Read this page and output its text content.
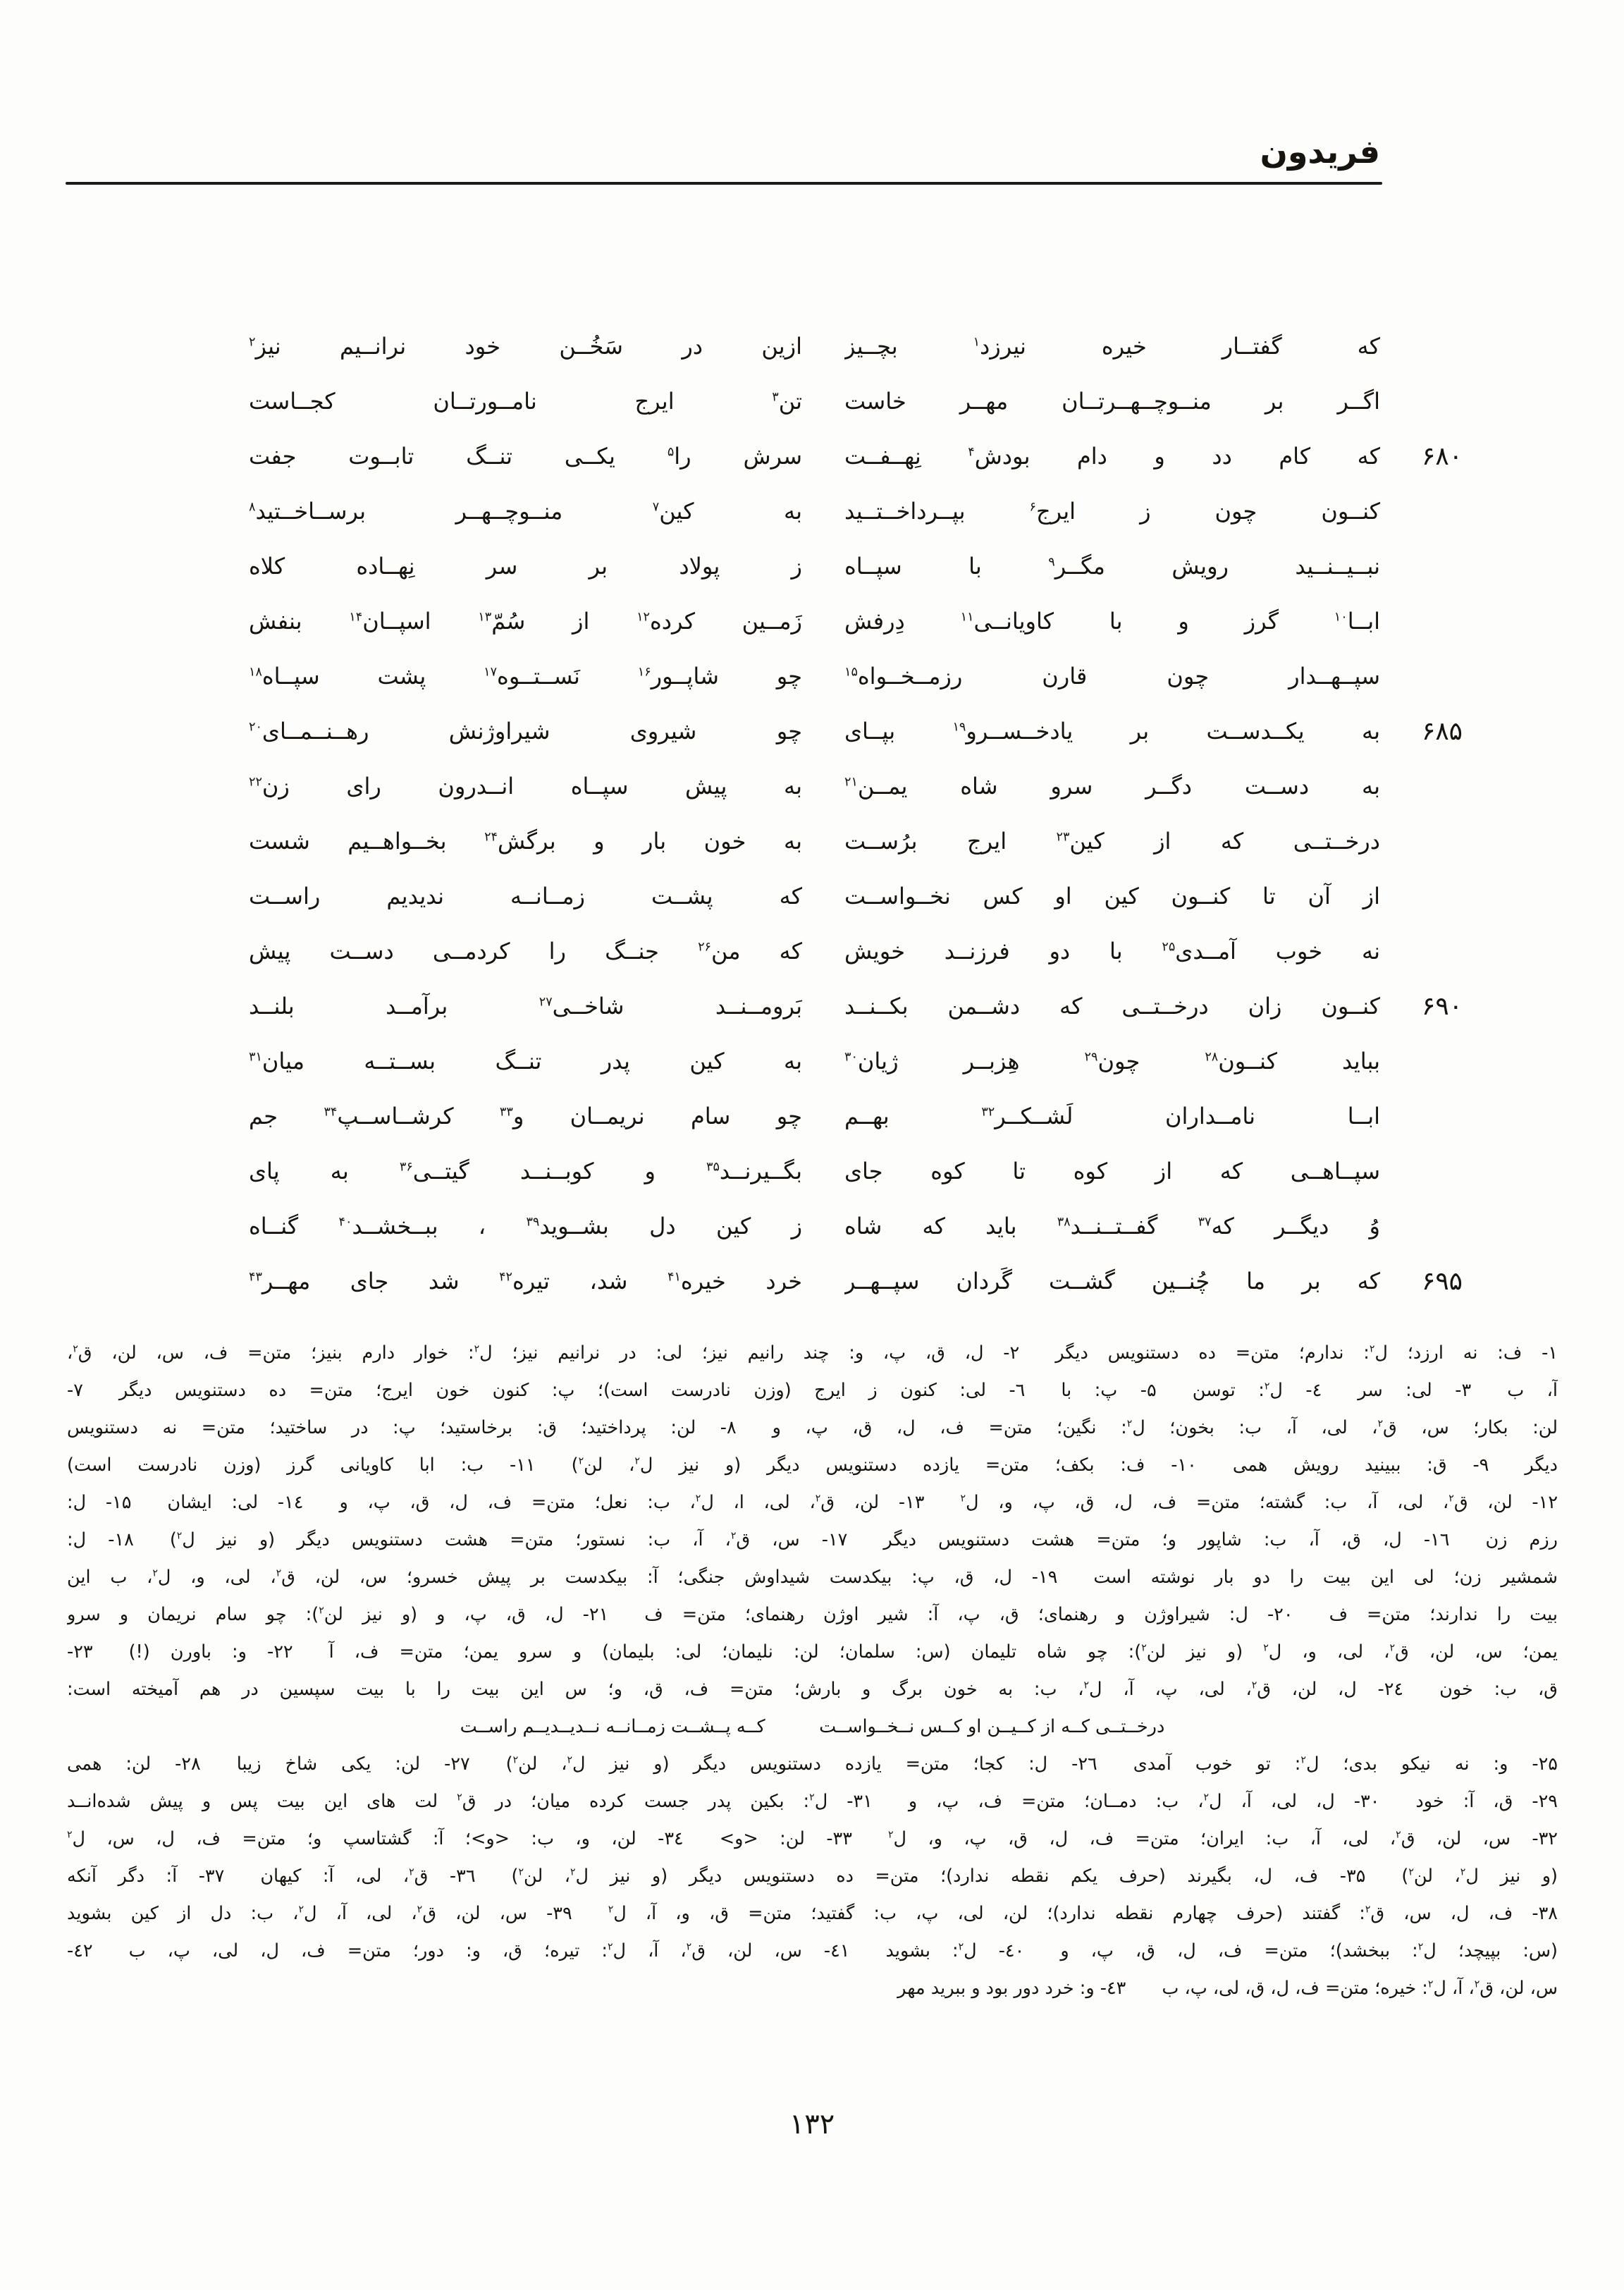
فریدون
که گفتــار خیره نیرزد$^۱$ بچــیز
ازین در سَخُــن خود نرانــیم نیز$^۲$
اگــر بر منــوچــهــرتــان مهــر خاست
تن$^۳$ ایرج نامــورتــان کجــاست
۶۸۰
که کام دد و دام بودش$^۴$ نِهــفــت
سرش را$^۵$ یکــی تنــگ تابــوت جفت
کنــون چون ز ایرج$^۶$ بپــرداخــتــید
به کین$^۷$ منــوچــهــر برســاخــتید$^۸$
نبــیــنــید رویش مگــر$^۹$ با سپــاه
ز پولاد بر سر نِهــاده کلاه
ابــا$^{۱۰}$ گرز و با کاویانــی$^{۱۱}$ دِرفش
زَمــین کرده$^{۱۲}$ از سُمّ$^{۱۳}$ اسپــان$^{۱۴}$ بنفش
سپــهــدار چون قارن رزمــخــواه$^{۱۵}$
چو شاپــور$^{۱۶}$ نَســتــوه$^{۱۷}$ پشت سپــاه$^{۱۸}$
۶۸۵
به یکــدســت بر یادخــســرو$^{۱۹}$ بپــای
چو شیروی شیراوژنش رهــنــمــای$^{۲۰}$
به دســت دگــر سرو شاه یمــن$^{۲۱}$
به پیش سپــاه انــدرون رای زن$^{۲۲}$
درخــتــی که از کین$^{۲۳}$ ایرج برُســت
به خون بار و برگش$^{۲۴}$ بخــواهــیم شست
از آن تا کنــون کین او کس نخــواســت
که پشــت زمــانــه ندیدیم راســت
نه خوب آمــدی$^{۲۵}$ با دو فرزنــد خویش
که من$^{۲۶}$ جنــگ را کردمــی دســت پیش
۶۹۰
کنــون زان درخــتــی که دشــمن بکــنــد
بَرومــنــد شاخــی$^{۲۷}$ برآمــد بلنــد
بباید کنــون$^{۲۸}$ چون$^{۲۹}$ هِزبــر ژیان$^{۳۰}$
به کین پدر تنــگ بســتــه میان$^{۳۱}$
ابــا نامــداران لَشــکــر$^{۳۲}$ بهــم
چو سام نریمــان و$^{۳۳}$ کرشــاســپ$^{۳۴}$ جم
سپــاهــی که از کوه تا کوه جای
بگــیرنــد$^{۳۵}$ و کوبــنــد گیتــی$^{۳۶}$ به پای
وُ دیگــر که$^{۳۷}$ گفــتــنــد$^{۳۸}$ باید که شاه
ز کین دل بشــوید$^{۳۹}$ ، ببــخشــد$^{۴۰}$ گنــاه
۶۹۵
که بر ما چُنــین گشــت گَردان سپــهــر
خرد خیره$^{۴۱}$ شد، تیره$^{۴۲}$ شد جای مهــر$^{۴۳}$
۱- ف: نه ارزد؛ ل$^۲$: ندارم؛ متن= ده دستنویس دیگر  ۲- ل، ق، پ، و: چند رانیم نیز؛ لی: در نرانیم نیز؛ ل$^۲$: خوار دارم بنیز؛ متن= ف، س، لن، ق$^۲$،
آ، ب  ۳- لی: سر  ٤- ل$^۲$: توسن  ۵- پ: با  ٦- لی: کنون ز ایرج (وزن نادرست است)؛ پ: کنون خون ایرج؛ متن= ده دستنویس دیگر  ۷-
لن: بکار؛ س، ق$^۲$، لی، آ، ب: بخون؛ ل$^۲$: نگین؛ متن= ف، ل، ق، پ، و  ۸- لن: پرداختید؛ ق: برخاستید؛ پ: در ساختید؛ متن= نه دستنویس
دیگر  ۹- ق: ببینید رویش همی  ۱۰- ف: بکف؛ متن= یازده دستنویس دیگر (و نیز ل$^۲$، لن$^۲$)  ۱۱- ب: ابا کاویانی گرز (وزن نادرست است)
۱۲- لن، ق$^۲$، لی، آ، ب: گشته؛ متن= ف، ل، ق، پ، و، ل$^۲$  ۱۳- لن، ق$^۲$، لی، ا، ل$^۲$، ب: نعل؛ متن= ف، ل، ق، پ، و  ۱٤- لی: ایشان  ۱۵- ل:
رزم زن  ۱٦- ل، ق، آ، ب: شاپور و؛ متن= هشت دستنویس دیگر  ۱۷- س، ق$^۲$، آ، ب: نستور؛ متن= هشت دستنویس دیگر (و نیز ل$^۲$)  ۱۸- ل:
شمشیر زن؛ لی این بیت را دو بار نوشته است  ۱۹- ل، ق، پ: بیکدست شیداوش جنگی؛ آ: بیکدست بر پیش خسرو؛ س، لن، ق$^۲$، لی، و، ل$^۲$، ب این
بیت را ندارند؛ متن= ف  ۲۰- ل: شیراوژن و رهنمای؛ ق، پ، آ: شیر اوژن رهنمای؛ متن= ف  ۲۱- ل، ق، پ، و (و نیز لن$^۲$): چو سام نریمان و سرو
یمن؛ س، لن، ق$^۲$، لی، و، ل$^۲$ (و نیز لن$^۲$): چو شاه تلیمان (س: سلمان؛ لن: نلیمان؛ لی: بلیمان) و سرو یمن؛ متن= ف، آ  ۲۲- و: باورن (!)  ۲۳-
ق، ب: خون  ۲٤- ل، لن، ق$^۲$، لی، پ، آ، ل$^۲$، ب: به خون برگ و بارش؛ متن= ف، ق، و؛ س این بیت را با بیت سپسین در هم آمیخته است:
درخــتــی کــه از کــیــن او کــس نــخــواســت   کــه پــشــت زمــانــه نــدیــدیــم راســت
۲۵- و: نه نیکو بدی؛ ل$^۲$: تو خوب آمدی  ۲٦- ل: کجا؛ متن= یازده دستنویس دیگر (و نیز ل$^۲$، لن$^۲$)  ۲۷- لن: یکی شاخ زیبا  ۲۸- لن: همی
۲۹- ق، آ: خود  ۳۰- ل، لی، آ، ل$^۲$، ب: دمــان؛ متن= ف، پ، و  ۳۱- ل$^۲$: بکین پدر جست کرده میان؛ در ق$^۲$ لت های این بیت پس و پیش شده‌انــد
۳۲- س، لن، ق$^۲$، لی، آ، ب: ایران؛ متن= ف، ل، ق، پ، و، ل$^۲$  ۳۳- لن: <و>  ۳٤- لن، و، ب: <و>؛ آ: گشتاسپ و؛ متن= ف، ل، س، ل$^۲$
(و نیز ل$^۲$، لن$^۲$)  ۳۵- ف، ل، بگیرند (حرف یکم نقطه ندارد)؛ متن= ده دستنویس دیگر (و نیز ل$^۲$، لن$^۲$)  ۳٦- ق$^۲$، لی، آ: کیهان  ۳۷- آ: دگر آنکه
۳۸- ف، ل، س، ق$^۲$: گفتند (حرف چهارم نقطه ندارد)؛ لن، لی، پ، ب: گفتید؛ متن= ق، و، آ، ل$^۲$  ۳۹- س، لن، ق$^۲$، لی، آ، ل$^۲$، ب: دل از کین بشوید
(س: بپیچد؛ ل$^۲$: ببخشد)؛ متن= ف، ل، ق، پ، و  ٤۰- ل$^۲$: بشوید  ٤۱- س، لن، ق$^۲$، آ، ل$^۲$: تیره؛ ق، و: دور؛ متن= ف، ل، لی، پ، ب  ٤۲-
س، لن، ق$^۲$، آ، ل$^۲$: خیره؛ متن= ف، ل، ق، لی، پ، ب  ٤۳- و: خرد دور بود و ببرید مهر
۱۳۲
